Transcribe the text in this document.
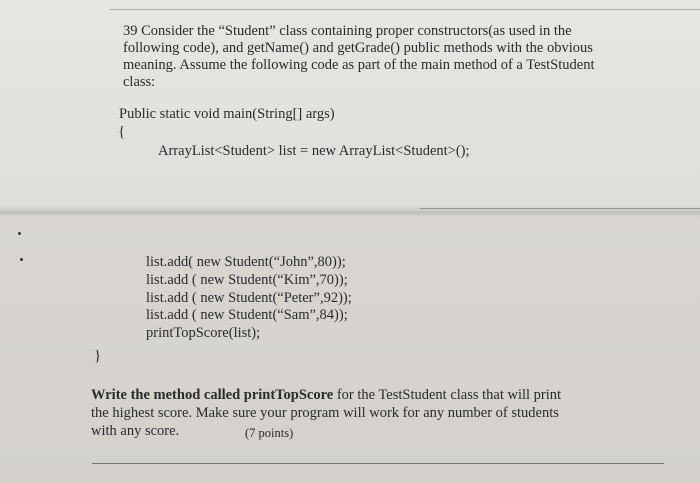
39 Consider the “Student” class containing proper constructors(as used in the
following code), and getName() and getGrade() public methods with the obvious
meaning. Assume the following code as part of the main method of a TestStudent
class:
Public static void main(String[] args)
{
ArrayList<Student> list = new ArrayList<Student>();
list.add( new Student(“John”,80));
list.add ( new Student(“Kim”,70));
list.add ( new Student(“Peter”,92));
list.add ( new Student(“Sam”,84));
printTopScore(list);
}
Write the method called printTopScore for the TestStudent class that will print
the highest score. Make sure your program will work for any number of students
with any score.	(7 points)
